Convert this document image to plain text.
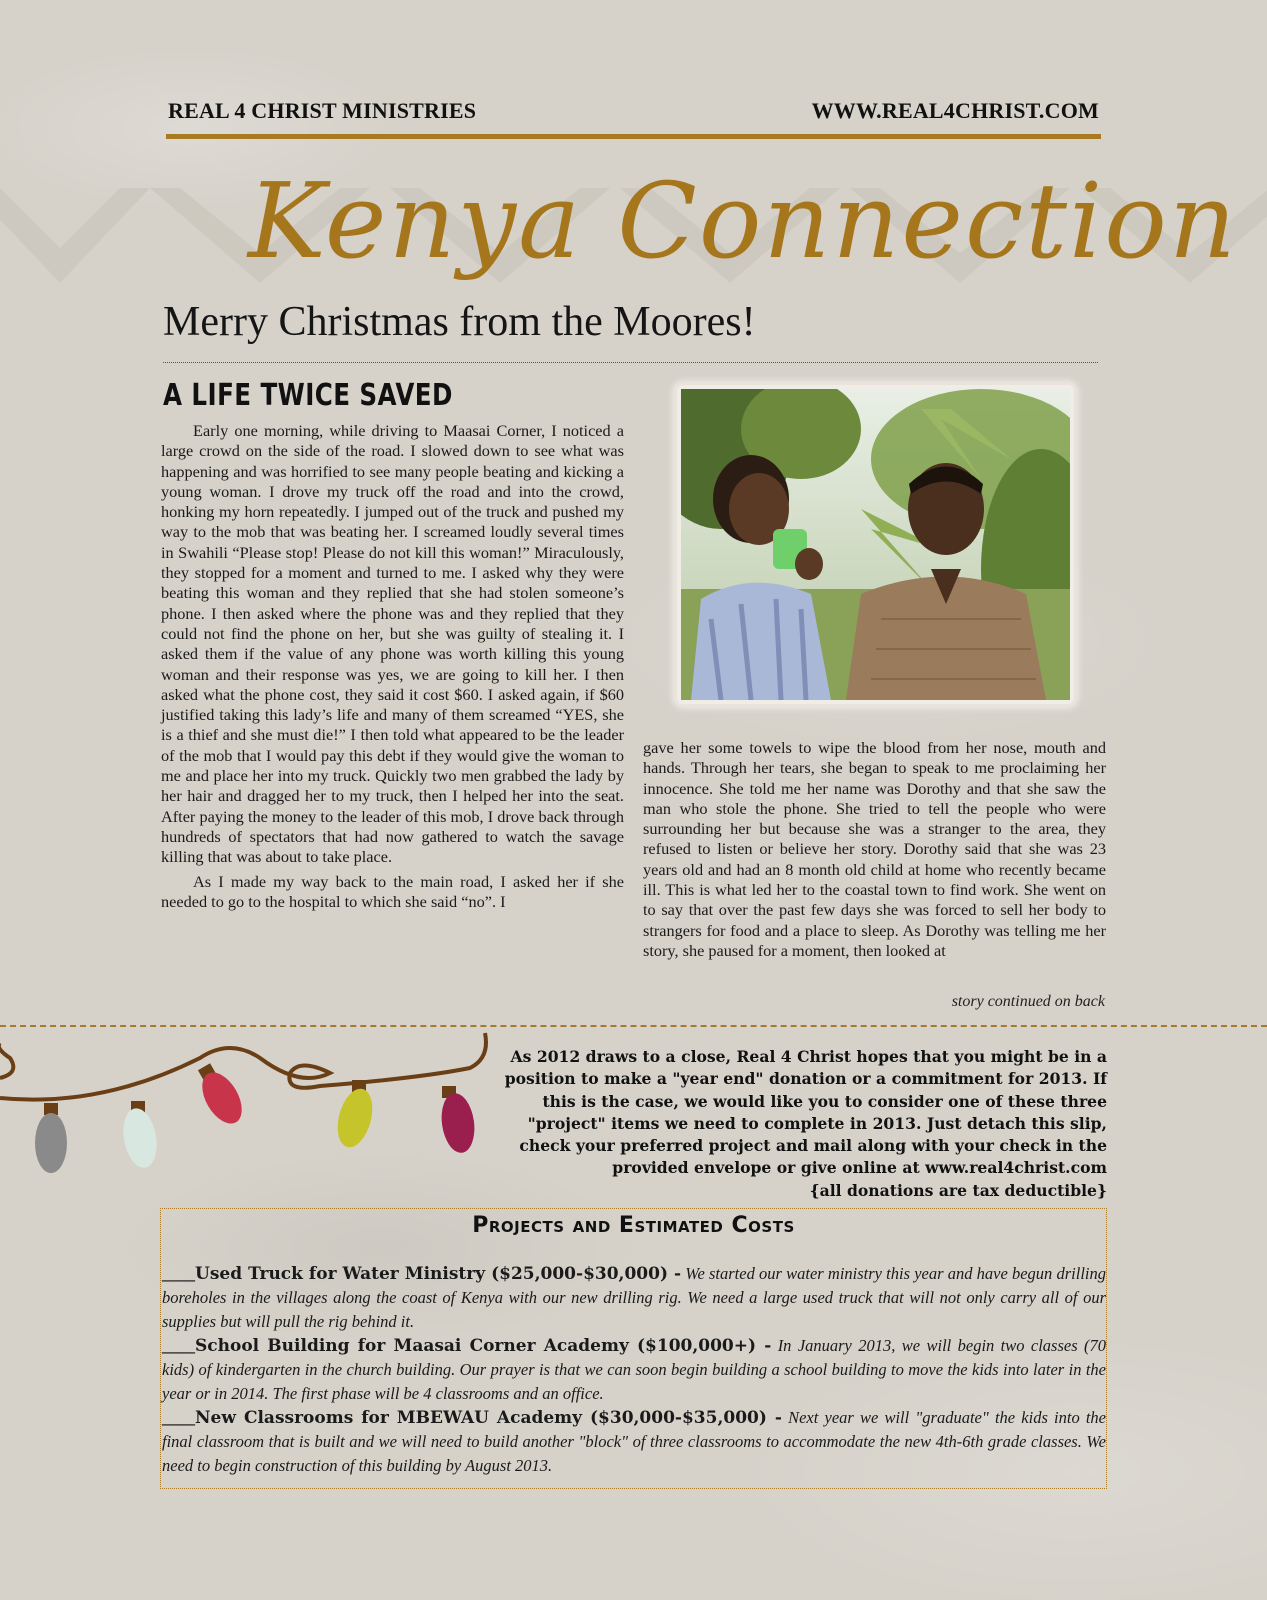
REAL 4 CHRIST MINISTRIES	WWW.REAL4CHRIST.COM
Kenya Connection
Merry Christmas from the Moores!
A LIFE TWICE SAVED

Early one morning, while driving to Maasai Corner, I noticed a large crowd on the side of the road. I slowed down to see what was happening and was horrified to see many people beating and kicking a young woman. I drove my truck off the road and into the crowd, honking my horn repeatedly. I jumped out of the truck and pushed my way to the mob that was beating her. I screamed loudly several times in Swahili “Please stop! Please do not kill this woman!” Miraculously, they stopped for a moment and turned to me. I asked why they were beating this woman and they replied that she had stolen someone’s phone. I then asked where the phone was and they replied that they could not find the phone on her, but she was guilty of stealing it. I asked them if the value of any phone was worth killing this young woman and their response was yes, we are going to kill her. I then asked what the phone cost, they said it cost $60. I asked again, if $60 justified taking this lady’s life and many of them screamed “YES, she is a thief and she must die!” I then told what appeared to be the leader of the mob that I would pay this debt if they would give the woman to me and place her into my truck. Quickly two men grabbed the lady by her hair and dragged her to my truck, then I helped her into the seat. After paying the money to the leader of this mob, I drove back through hundreds of spectators that had now gathered to watch the savage killing that was about to take place.

As I made my way back to the main road, I asked her if she needed to go to the hospital to which she said “no”. I

gave her some towels to wipe the blood from her nose, mouth and hands. Through her tears, she began to speak to me proclaiming her innocence. She told me her name was Dorothy and that she saw the man who stole the phone. She tried to tell the people who were surrounding her but because she was a stranger to the area, they refused to listen or believe her story. Dorothy said that she was 23 years old and had an 8 month old child at home who recently became ill. This is what led her to the coastal town to find work. She went on to say that over the past few days she was forced to sell her body to strangers for food and a place to sleep. As Dorothy was telling me her story, she paused for a moment, then looked at

story continued on back
As 2012 draws to a close, Real 4 Christ hopes that you might be in a position to make a "year end" donation or a commitment for 2013. If this is the case, we would like you to consider one of these three "project" items we need to complete in 2013. Just detach this slip, check your preferred project and mail along with your check in the provided envelope or give online at www.real4christ.com
{all donations are tax deductible}
Projects and Estimated Costs
____Used Truck for Water Ministry ($25,000-$30,000) - We started our water ministry this year and have begun drilling boreholes in the villages along the coast of Kenya with our new drilling rig. We need a large used truck that will not only carry all of our supplies but will pull the rig behind it.
____School Building for Maasai Corner Academy ($100,000+) - In January 2013, we will begin two classes (70 kids) of kindergarten in the church building. Our prayer is that we can soon begin building a school building to move the kids into later in the year or in 2014. The first phase will be 4 classrooms and an office.
____New Classrooms for MBEWAU Academy ($30,000-$35,000) - Next year we will "graduate" the kids into the final classroom that is built and we will need to build another "block" of three classrooms to accommodate the new 4th-6th grade classes. We need to begin construction of this building by August 2013.
